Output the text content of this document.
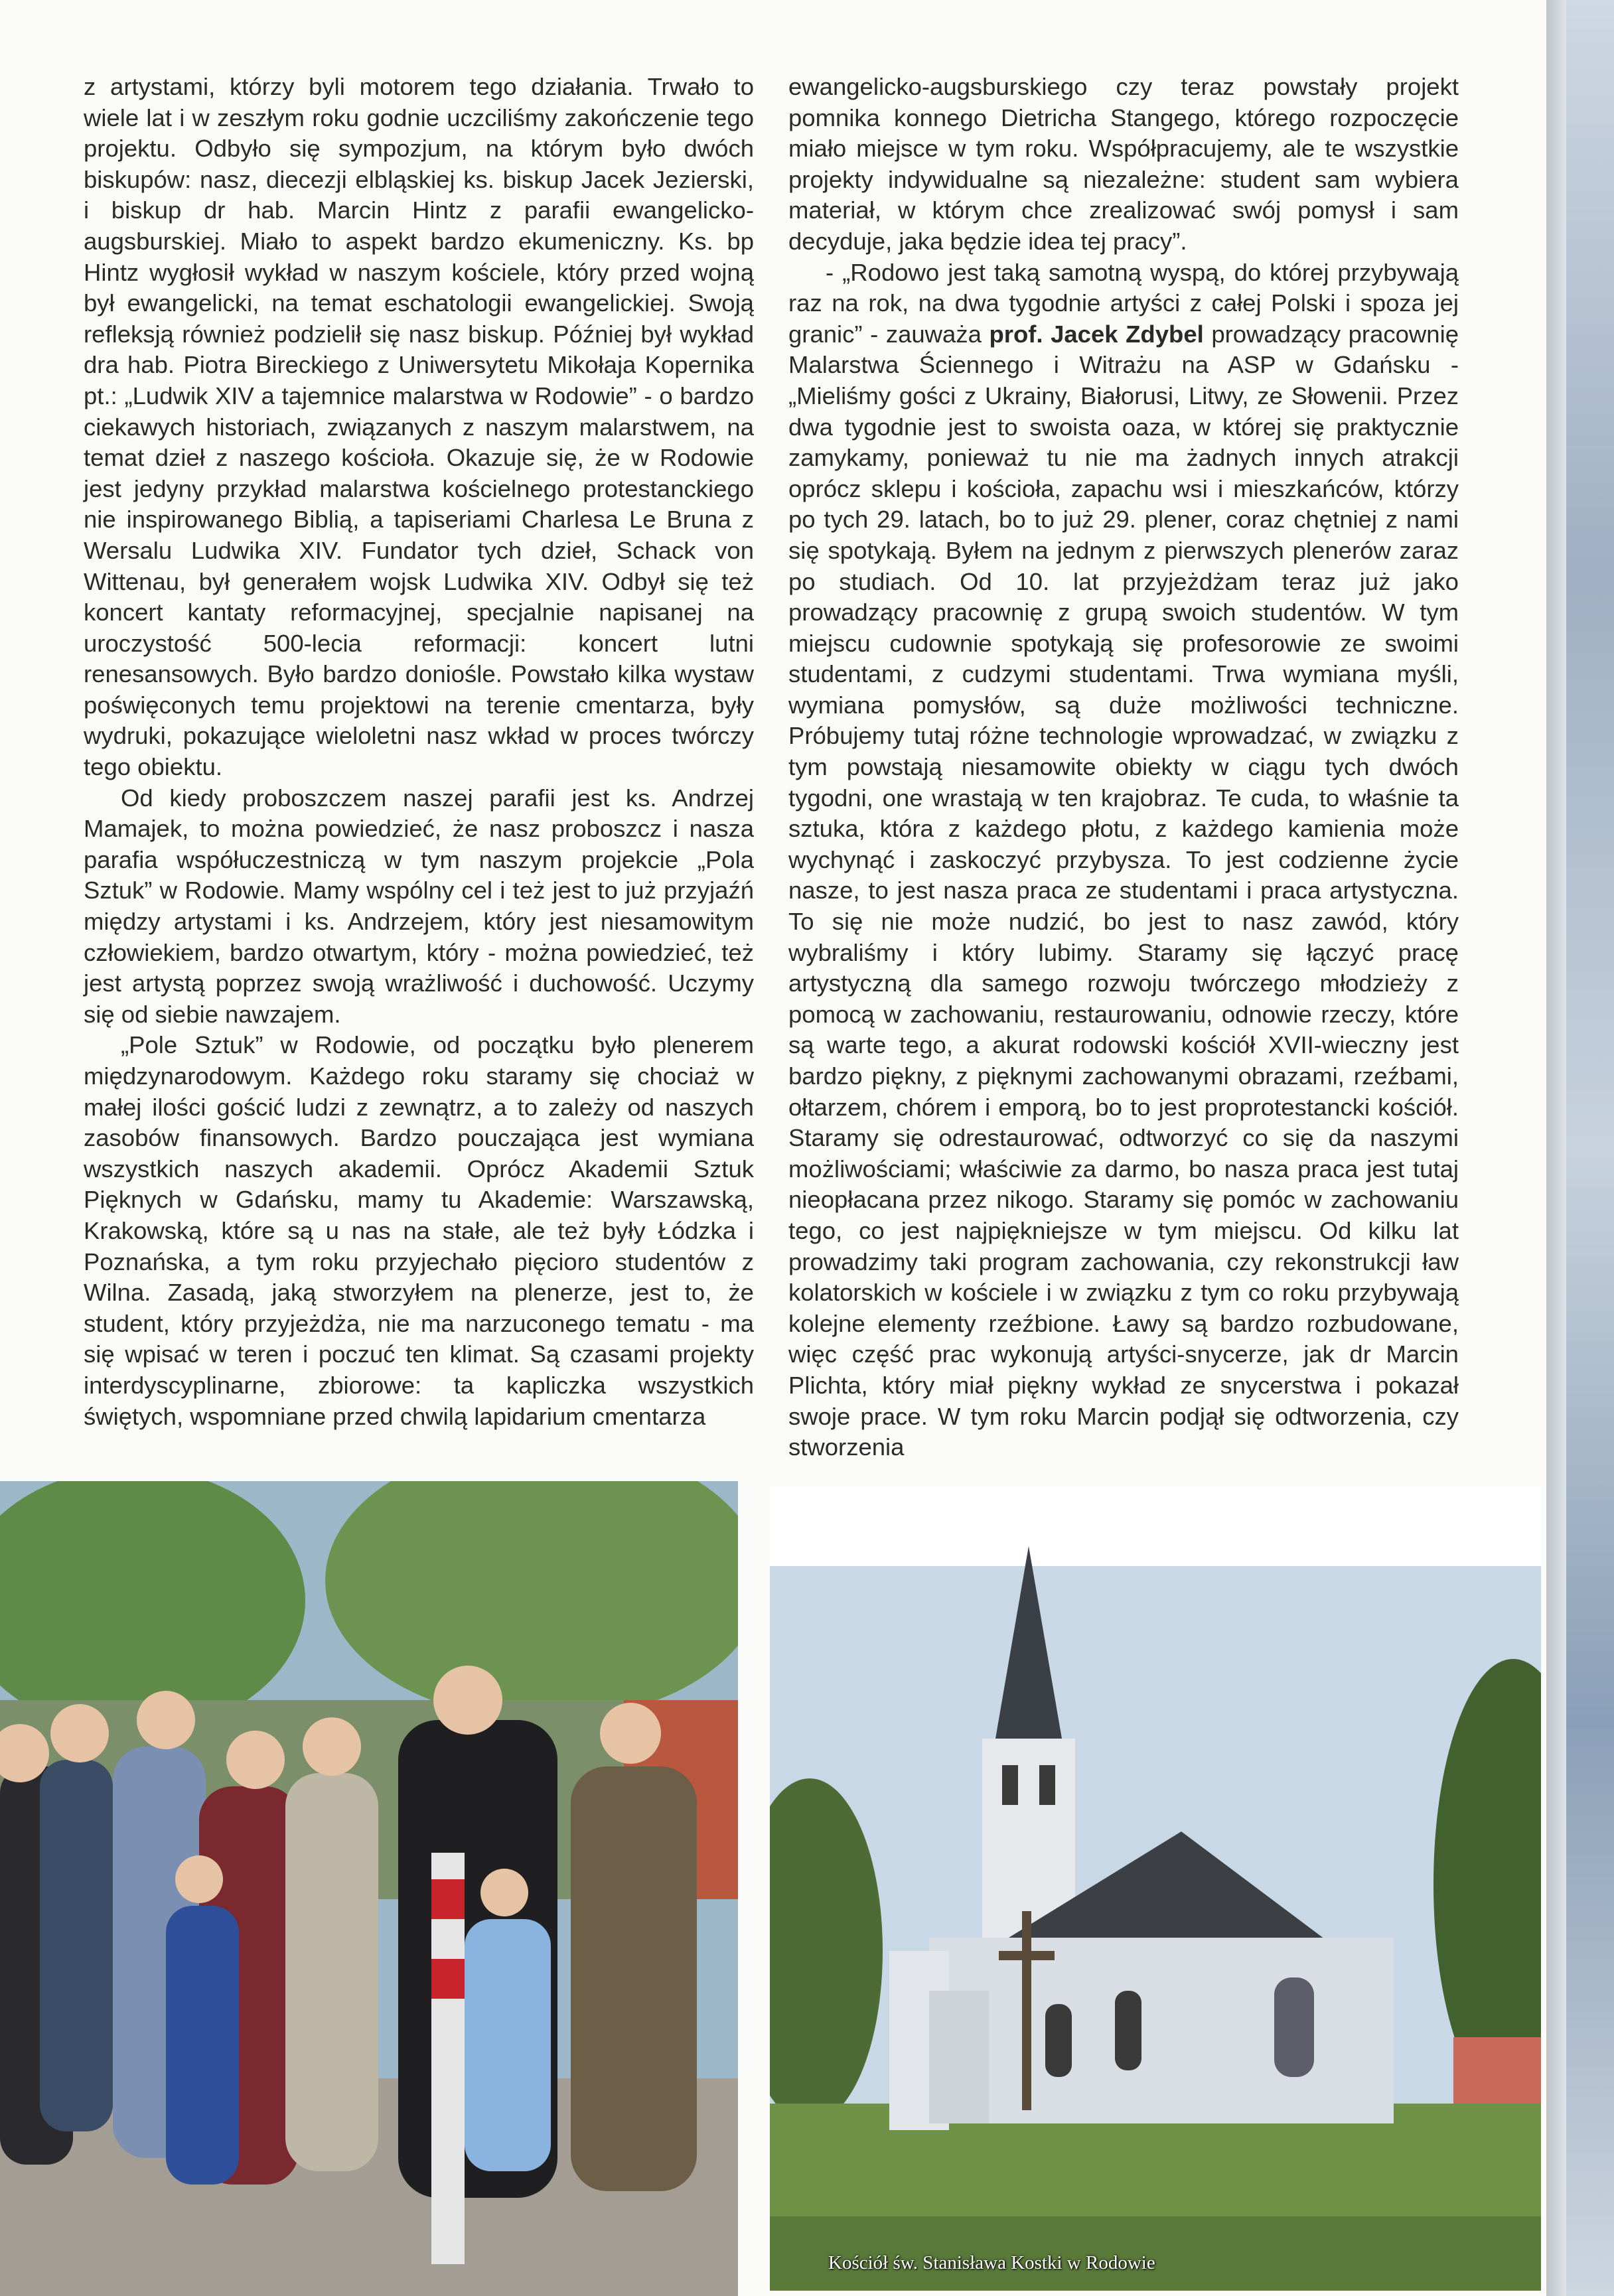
z artystami, którzy byli motorem tego działania. Trwało to wiele lat i w zeszłym roku godnie uczciliśmy zakończenie tego projektu. Odbyło się sympozjum, na którym było dwóch biskupów: nasz, diecezji elbląskiej ks. biskup Jacek Jezierski, i biskup dr hab. Marcin Hintz z parafii ewangelicko-augsburskiej. Miało to aspekt bardzo ekumeniczny. Ks. bp Hintz wygłosił wykład w naszym kościele, który przed wojną był ewangelicki, na temat eschatologii ewangelickiej. Swoją refleksją również podzielił się nasz biskup. Później był wykład dra hab. Piotra Bireckiego z Uniwersytetu Mikołaja Kopernika pt.: „Ludwik XIV a tajemnice malarstwa w Rodowie” - o bardzo ciekawych historiach, związanych z naszym malarstwem, na temat dzieł z naszego kościoła. Okazuje się, że w Rodowie jest jedyny przykład malarstwa kościelnego protestanckiego nie inspirowanego Biblią, a tapiseriami Charlesa Le Bruna z Wersalu Ludwika XIV. Fundator tych dzieł, Schack von Wittenau, był generałem wojsk Ludwika XIV. Odbył się też koncert kantaty reformacyjnej, specjalnie napisanej na uroczystość 500-lecia reformacji: koncert lutni renesansowych. Było bardzo doniośle. Powstało kilka wystaw poświęconych temu projektowi na terenie cmentarza, były wydruki, pokazujące wieloletni nasz wkład w proces twórczy tego obiektu.

Od kiedy proboszczem naszej parafii jest ks. Andrzej Mamajek, to można powiedzieć, że nasz proboszcz i nasza parafia współuczestniczą w tym naszym projekcie „Pola Sztuk” w Rodowie. Mamy wspólny cel i też jest to już przyjaźń między artystami i ks. Andrzejem, który jest niesamowitym człowiekiem, bardzo otwartym, który - można powiedzieć, też jest artystą poprzez swoją wrażliwość i duchowość. Uczymy się od siebie nawzajem.

„Pole Sztuk” w Rodowie, od początku było plenerem międzynarodowym. Każdego roku staramy się chociaż w małej ilości gościć ludzi z zewnątrz, a to zależy od naszych zasobów finansowych. Bardzo pouczająca jest wymiana wszystkich naszych akademii. Oprócz Akademii Sztuk Pięknych w Gdańsku, mamy tu Akademie: Warszawską, Krakowską, które są u nas na stałe, ale też były Łódzka i Poznańska, a tym roku przyjechało pięcioro studentów z Wilna. Zasadą, jaką stworzyłem na plenerze, jest to, że student, który przyjeżdża, nie ma narzuconego tematu - ma się wpisać w teren i poczuć ten klimat. Są czasami projekty interdyscyplinarne, zbiorowe: ta kapliczka wszystkich świętych, wspomniane przed chwilą lapidarium cmentarza

ewangelicko-augsburskiego czy teraz powstały projekt pomnika konnego Dietricha Stangego, którego rozpoczęcie miało miejsce w tym roku. Współpracujemy, ale te wszystkie projekty indywidualne są niezależne: student sam wybiera materiał, w którym chce zrealizować swój pomysł i sam decyduje, jaka będzie idea tej pracy”.

- „Rodowo jest taką samotną wyspą, do której przybywają raz na rok, na dwa tygodnie artyści z całej Polski i spoza jej granic” - zauważa prof. Jacek Zdybel prowadzący pracownię Malarstwa Ściennego i Witrażu na ASP w Gdańsku - „Mieliśmy gości z Ukrainy, Białorusi, Litwy, ze Słowenii. Przez dwa tygodnie jest to swoista oaza, w której się praktycznie zamykamy, ponieważ tu nie ma żadnych innych atrakcji oprócz sklepu i kościoła, zapachu wsi i mieszkańców, którzy po tych 29. latach, bo to już 29. plener, coraz chętniej z nami się spotykają. Byłem na jednym z pierwszych plenerów zaraz po studiach. Od 10. lat przyjeżdżam teraz już jako prowadzący pracownię z grupą swoich studentów. W tym miejscu cudownie spotykają się profesorowie ze swoimi studentami, z cudzymi studentami. Trwa wymiana myśli, wymiana pomysłów, są duże możliwości techniczne. Próbujemy tutaj różne technologie wprowadzać, w związku z tym powstają niesamowite obiekty w ciągu tych dwóch tygodni, one wrastają w ten krajobraz. Te cuda, to właśnie ta sztuka, która z każdego płotu, z każdego kamienia może wychynąć i zaskoczyć przybysza. To jest codzienne życie nasze, to jest nasza praca ze studentami i praca artystyczna. To się nie może nudzić, bo jest to nasz zawód, który wybraliśmy i który lubimy. Staramy się łączyć pracę artystyczną dla samego rozwoju twórczego młodzieży z pomocą w zachowaniu, restaurowaniu, odnowie rzeczy, które są warte tego, a akurat rodowski kościół XVII-wieczny jest bardzo piękny, z pięknymi zachowanymi obrazami, rzeźbami, ołtarzem, chórem i emporą, bo to jest proprotestancki kościół. Staramy się odrestaurować, odtworzyć co się da naszymi możliwościami; właściwie za darmo, bo nasza praca jest tutaj nieopłacana przez nikogo. Staramy się pomóc w zachowaniu tego, co jest najpiękniejsze w tym miejscu. Od kilku lat prowadzimy taki program zachowania, czy rekonstrukcji ław kolatorskich w kościele i w związku z tym co roku przybywają kolejne elementy rzeźbione. Ławy są bardzo rozbudowane, więc część prac wykonują artyści-snycerze, jak dr Marcin Plichta, który miał piękny wykład ze snycerstwa i pokazał swoje prace. W tym roku Marcin podjął się odtworzenia, czy stworzenia

Kościół św. Stanisława Kostki w Rodowie
